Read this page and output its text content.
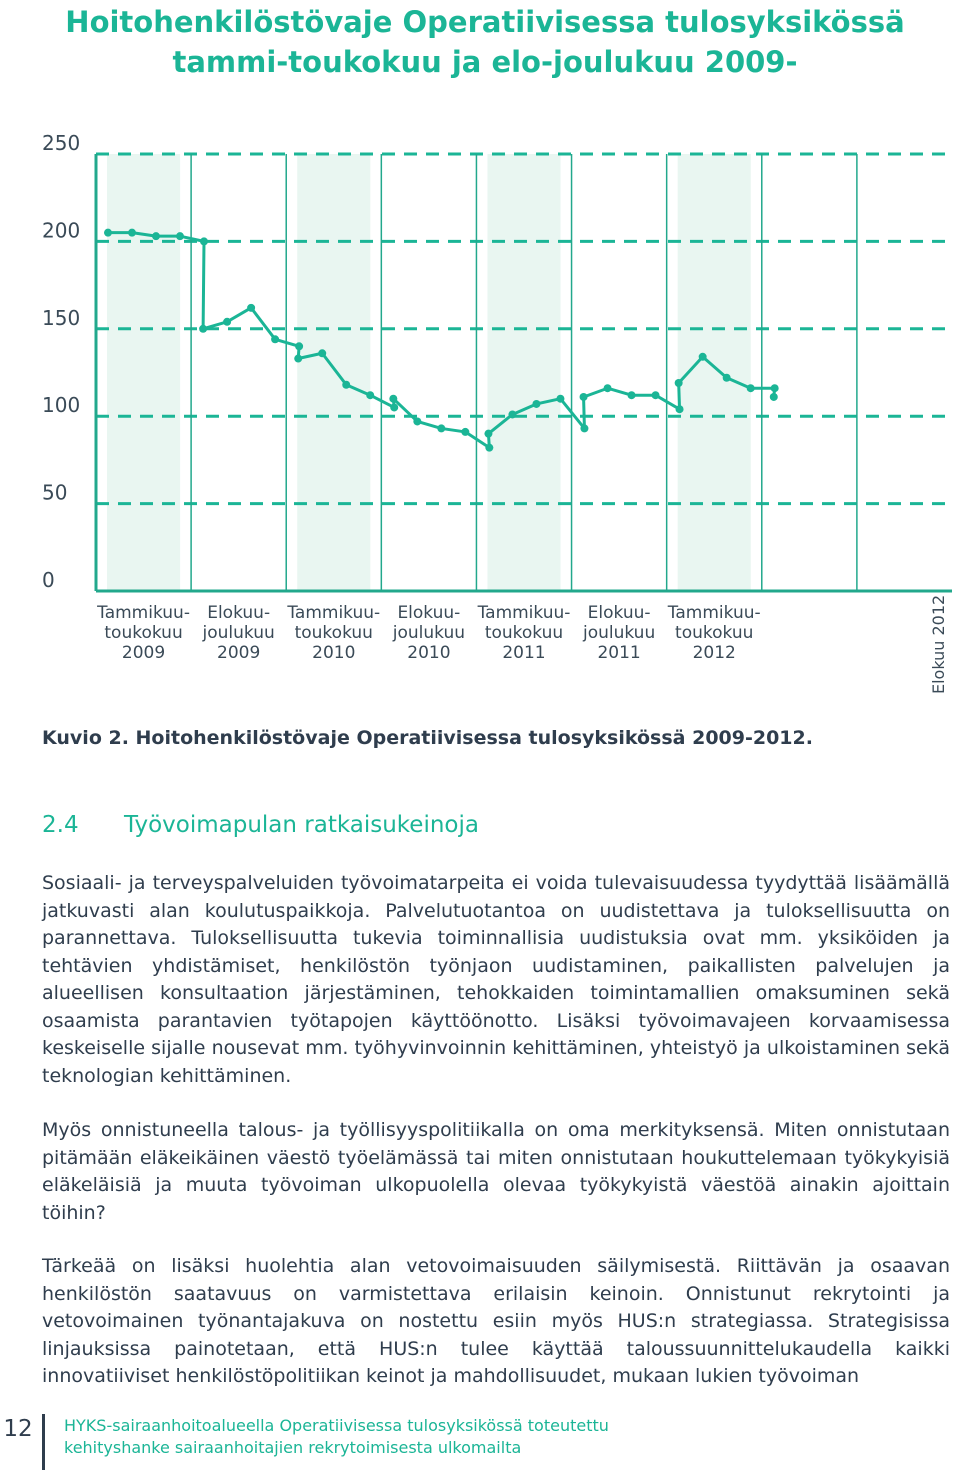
Hoitohenkilöstövaje Operatiivisessa tulosyksikössä
tammi-toukokuu ja elo-joulukuu 2009-
250
200
150
100
50
0
Tammikuu-toukokuu 2009
Elokuu-joulukuu 2009
Tammikuu-toukokuu 2010
Elokuu-joulukuu 2010
Tammikuu-toukokuu 2011
Elokuu-joulukuu 2011
Tammikuu-toukokuu 2012	Elokuu 2012

Kuvio 2. Hoitohenkilöstövaje Operatiivisessa tulosyksikössä 2009-2012.

2.4 Työvoimapulan ratkaisukeinoja

Sosiaali- ja terveyspalveluiden työvoimatarpeita ei voida tulevaisuudessa tyydyttää lisäämällä jatkuvasti alan koulutuspaikkoja. Palvelutuotantoa on uudistettava ja tuloksellisuutta on parannettava. Tuloksellisuutta tukevia toiminnallisia uudistuksia ovat mm. yksiköiden ja tehtävien yhdistämiset, henkilöstön työnjaon uudistaminen, paikallisten palvelujen ja alueellisen konsultaation järjestäminen, tehokkaiden toimintamallien omaksuminen sekä osaamista parantavien työtapojen käyttöönotto. Lisäksi työvoimavajeen korvaamisessa keskeiselle sijalle nousevat mm. työhyvinvoinnin kehittäminen, yhteistyö ja ulkoistaminen sekä teknologian kehittäminen.

Myös onnistuneella talous- ja työllisyyspolitiikalla on oma merkityksensä. Miten onnistutaan pitämään eläkeikäinen väestö työelämässä tai miten onnistutaan houkuttelemaan työkykyisiä eläkeläisiä ja muuta työvoiman ulkopuolella olevaa työkykyistä väestöä ainakin ajoittain töihin?

Tärkeää on lisäksi huolehtia alan vetovoimaisuuden säilymisestä. Riittävän ja osaavan henkilöstön saatavuus on varmistettava erilaisin keinoin. Onnistunut rekrytointi ja vetovoimainen työnantajakuva on nostettu esiin myös HUS:n strategiassa. Strategisissa linjauksissa painotetaan, että HUS:n tulee käyttää taloussuunnittelukaudella kaikki innovatiiviset henkilöstöpolitiikan keinot ja mahdollisuudet, mukaan lukien työvoiman

12 HYKS-sairaanhoitoalueella Operatiivisessa tulosyksikössä toteutettu
kehityshanke sairaanhoitajien rekrytoimisesta ulkomailta
